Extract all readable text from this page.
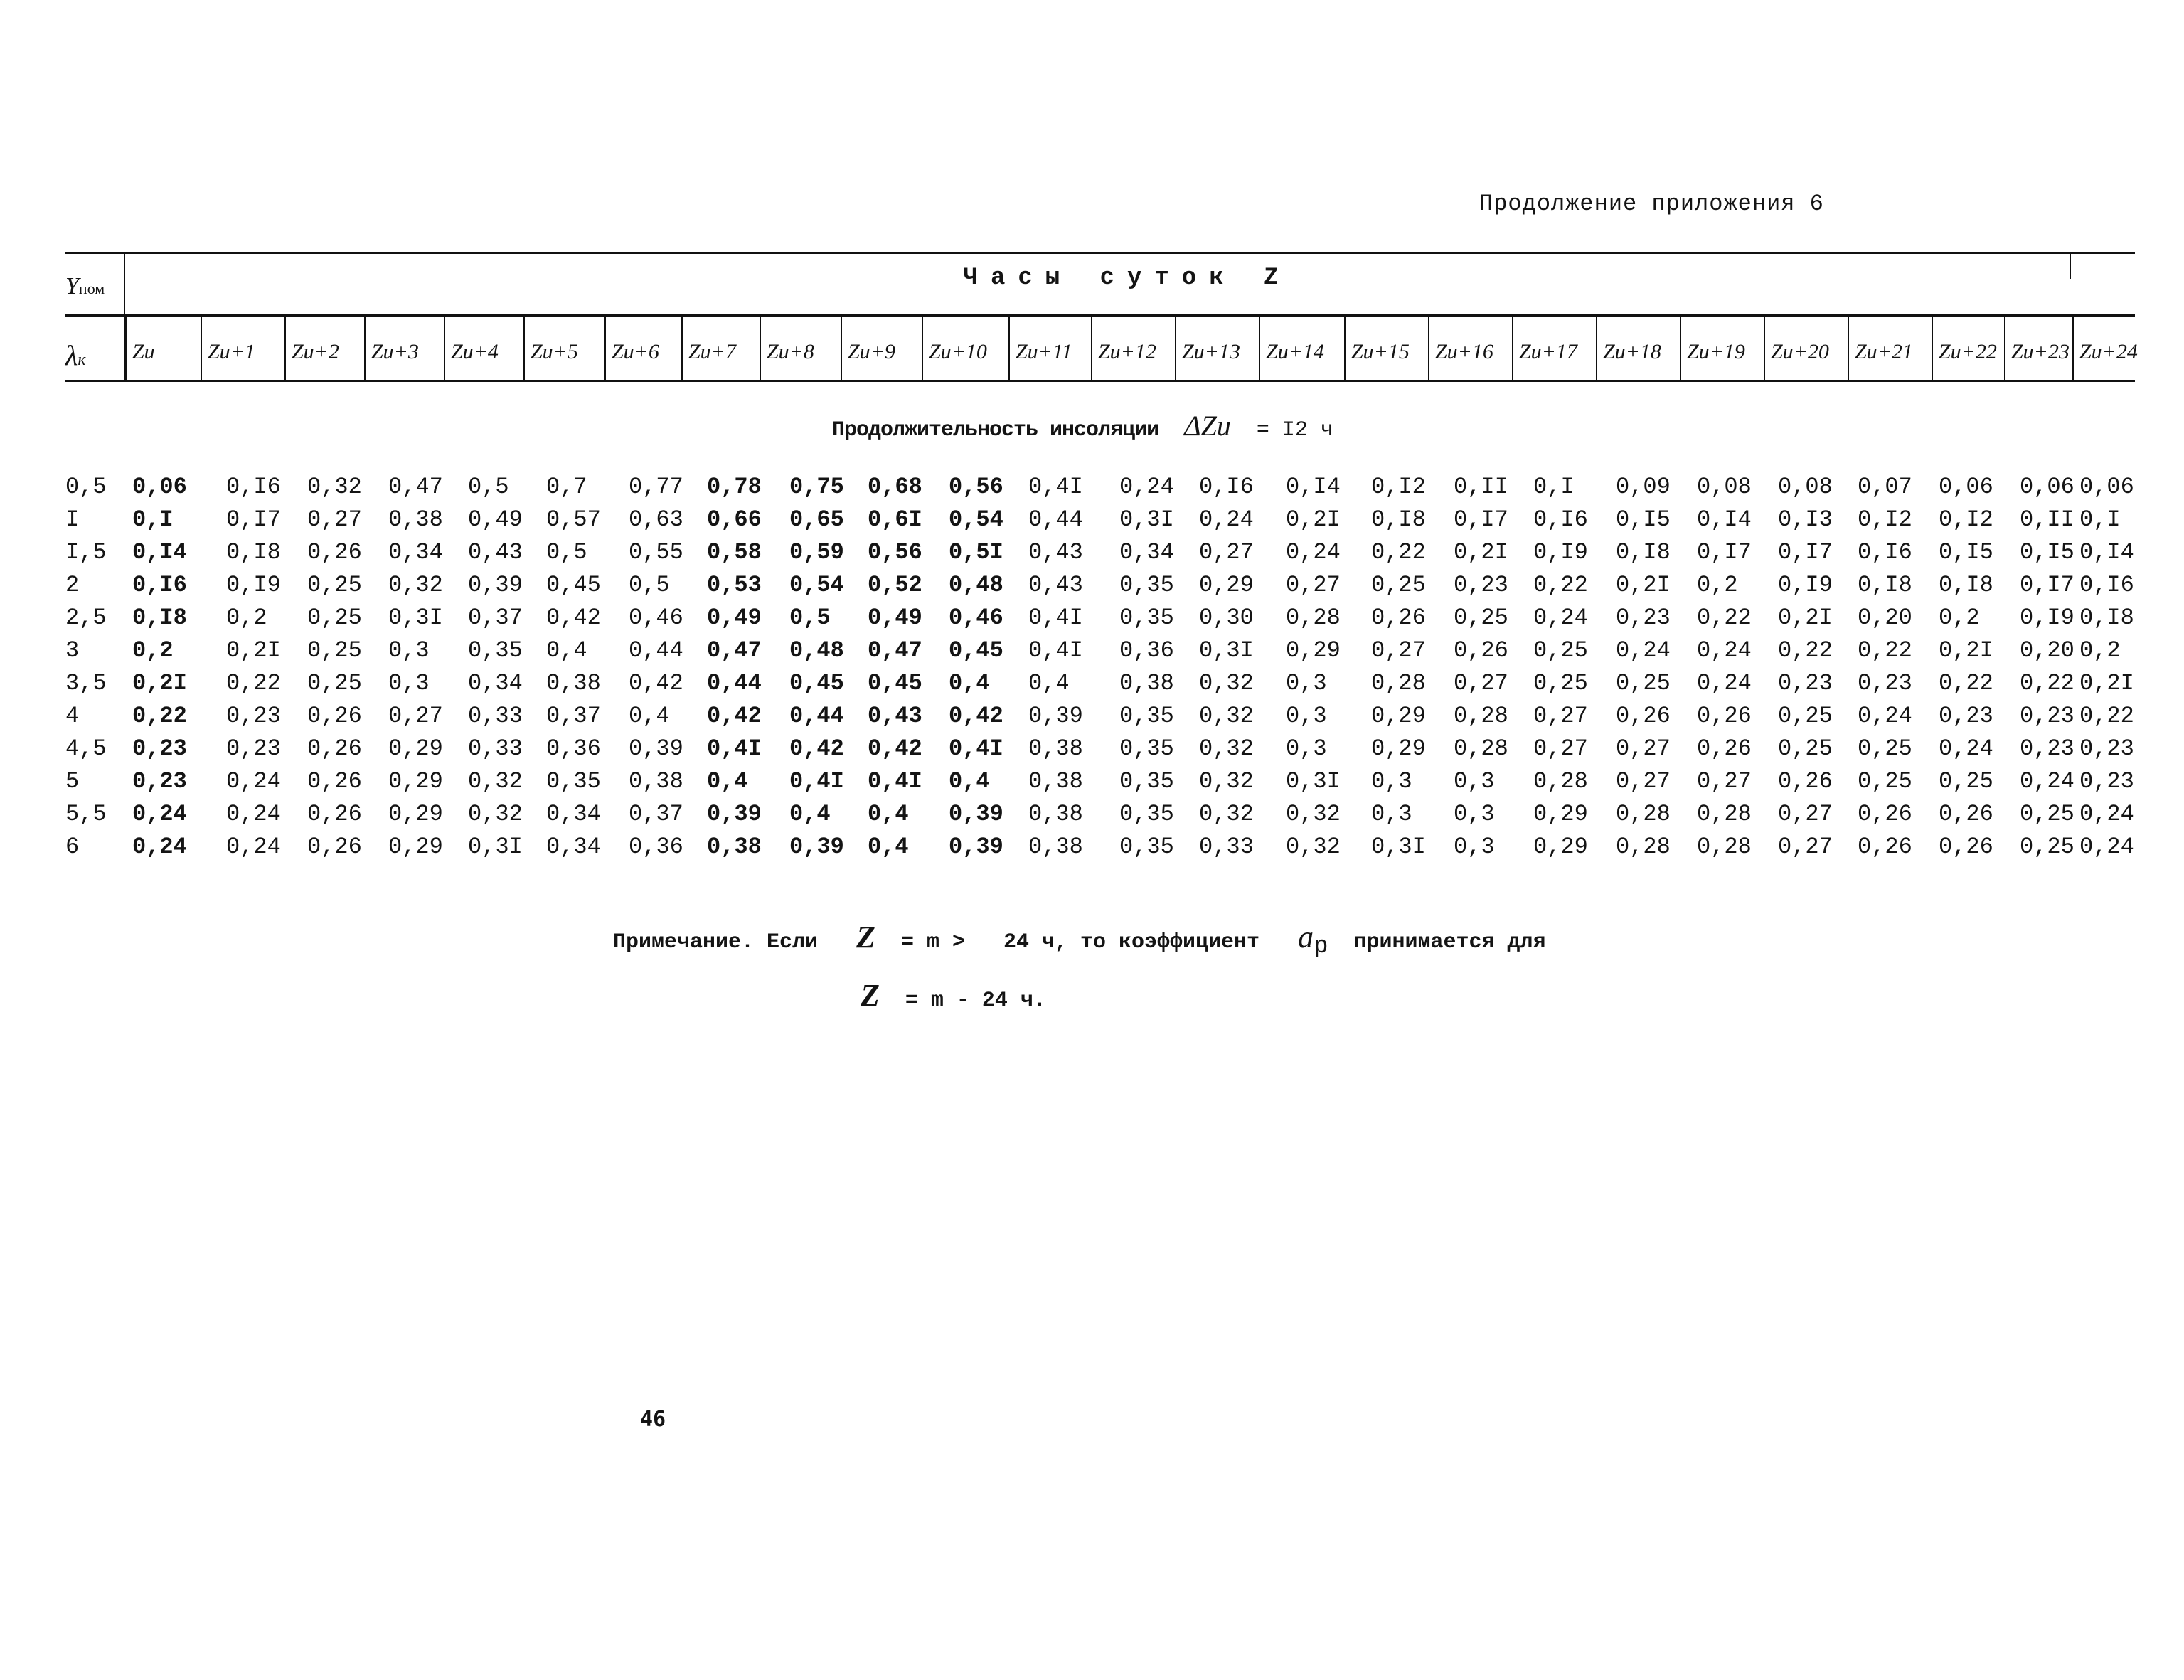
Продолжение приложения 6
Yпом
λк
Часы суток Z
Zи Zи+1 Zи+2 Zи+3 Zи+4 Zи+5 Zи+6 Zи+7 Zи+8 Zи+9 Zи+10 Zи+11 Zи+12 Zи+13 Zи+14 Zи+15 Zи+16 Zи+17 Zи+18 Zи+19 Zи+20 Zи+21 Zи+22 Zи+23 Zи+24
Продолжительность инсоляции ΔZи = I2 ч
0,5 0,06 0,I6 0,32 0,47 0,5 0,7 0,77 0,78 0,75 0,68 0,56 0,4I 0,24 0,I6 0,I4 0,I2 0,II 0,I 0,09 0,08 0,08 0,07 0,06 0,06 0,06
I 0,I 0,I7 0,27 0,38 0,49 0,57 0,63 0,66 0,65 0,6I 0,54 0,44 0,3I 0,24 0,2I 0,I8 0,I7 0,I6 0,I5 0,I4 0,I3 0,I2 0,I2 0,II 0,I
I,5 0,I4 0,I8 0,26 0,34 0,43 0,5 0,55 0,58 0,59 0,56 0,5I 0,43 0,34 0,27 0,24 0,22 0,2I 0,I9 0,I8 0,I7 0,I7 0,I6 0,I5 0,I5 0,I4
2 0,I6 0,I9 0,25 0,32 0,39 0,45 0,5 0,53 0,54 0,52 0,48 0,43 0,35 0,29 0,27 0,25 0,23 0,22 0,2I 0,2 0,I9 0,I8 0,I8 0,I7 0,I6
2,5 0,I8 0,2 0,25 0,3I 0,37 0,42 0,46 0,49 0,5 0,49 0,46 0,4I 0,35 0,30 0,28 0,26 0,25 0,24 0,23 0,22 0,2I 0,20 0,2 0,I9 0,I8
3 0,2 0,2I 0,25 0,3 0,35 0,4 0,44 0,47 0,48 0,47 0,45 0,4I 0,36 0,3I 0,29 0,27 0,26 0,25 0,24 0,24 0,22 0,22 0,2I 0,20 0,2
3,5 0,2I 0,22 0,25 0,3 0,34 0,38 0,42 0,44 0,45 0,45 0,4 0,4 0,38 0,32 0,3 0,28 0,27 0,25 0,25 0,24 0,23 0,23 0,22 0,22 0,2I
4 0,22 0,23 0,26 0,27 0,33 0,37 0,4 0,42 0,44 0,43 0,42 0,39 0,35 0,32 0,3 0,29 0,28 0,27 0,26 0,26 0,25 0,24 0,23 0,23 0,22
4,5 0,23 0,23 0,26 0,29 0,33 0,36 0,39 0,4I 0,42 0,42 0,4I 0,38 0,35 0,32 0,3 0,29 0,28 0,27 0,27 0,26 0,25 0,25 0,24 0,23 0,23
5 0,23 0,24 0,26 0,29 0,32 0,35 0,38 0,4 0,4I 0,4I 0,4 0,38 0,35 0,32 0,3I 0,3 0,3 0,28 0,27 0,27 0,26 0,25 0,25 0,24 0,23
5,5 0,24 0,24 0,26 0,29 0,32 0,34 0,37 0,39 0,4 0,4 0,39 0,38 0,35 0,32 0,32 0,3 0,3 0,29 0,28 0,28 0,27 0,26 0,26 0,25 0,24
6 0,24 0,24 0,26 0,29 0,3I 0,34 0,36 0,38 0,39 0,4 0,39 0,38 0,35 0,33 0,32 0,3I 0,3 0,29 0,28 0,28 0,27 0,26 0,26 0,25 0,24
Примечание. Если Z = m > 24 ч, то коэффициент $a_р$ принимается для
Z = m - 24 ч.
46
